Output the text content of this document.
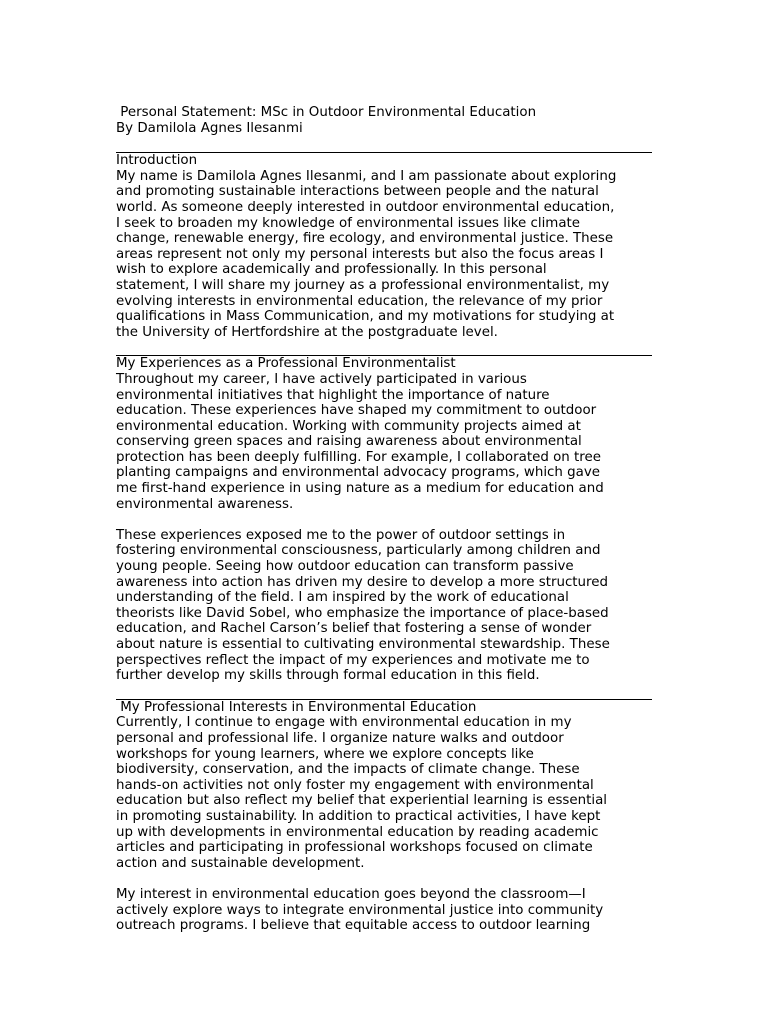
Personal Statement: MSc in Outdoor Environmental Education
By Damilola Agnes Ilesanmi
Introduction
My name is Damilola Agnes Ilesanmi, and I am passionate about exploring
and promoting sustainable interactions between people and the natural
world. As someone deeply interested in outdoor environmental education,
I seek to broaden my knowledge of environmental issues like climate
change, renewable energy, fire ecology, and environmental justice. These
areas represent not only my personal interests but also the focus areas I
wish to explore academically and professionally. In this personal
statement, I will share my journey as a professional environmentalist, my
evolving interests in environmental education, the relevance of my prior
qualifications in Mass Communication, and my motivations for studying at
the University of Hertfordshire at the postgraduate level.
My Experiences as a Professional Environmentalist
Throughout my career, I have actively participated in various
environmental initiatives that highlight the importance of nature
education. These experiences have shaped my commitment to outdoor
environmental education. Working with community projects aimed at
conserving green spaces and raising awareness about environmental
protection has been deeply fulfilling. For example, I collaborated on tree
planting campaigns and environmental advocacy programs, which gave
me first-hand experience in using nature as a medium for education and
environmental awareness.
These experiences exposed me to the power of outdoor settings in
fostering environmental consciousness, particularly among children and
young people. Seeing how outdoor education can transform passive
awareness into action has driven my desire to develop a more structured
understanding of the field. I am inspired by the work of educational
theorists like David Sobel, who emphasize the importance of place-based
education, and Rachel Carson’s belief that fostering a sense of wonder
about nature is essential to cultivating environmental stewardship. These
perspectives reflect the impact of my experiences and motivate me to
further develop my skills through formal education in this field.
My Professional Interests in Environmental Education
Currently, I continue to engage with environmental education in my
personal and professional life. I organize nature walks and outdoor
workshops for young learners, where we explore concepts like
biodiversity, conservation, and the impacts of climate change. These
hands-on activities not only foster my engagement with environmental
education but also reflect my belief that experiential learning is essential
in promoting sustainability. In addition to practical activities, I have kept
up with developments in environmental education by reading academic
articles and participating in professional workshops focused on climate
action and sustainable development.
My interest in environmental education goes beyond the classroom—I
actively explore ways to integrate environmental justice into community
outreach programs. I believe that equitable access to outdoor learning
